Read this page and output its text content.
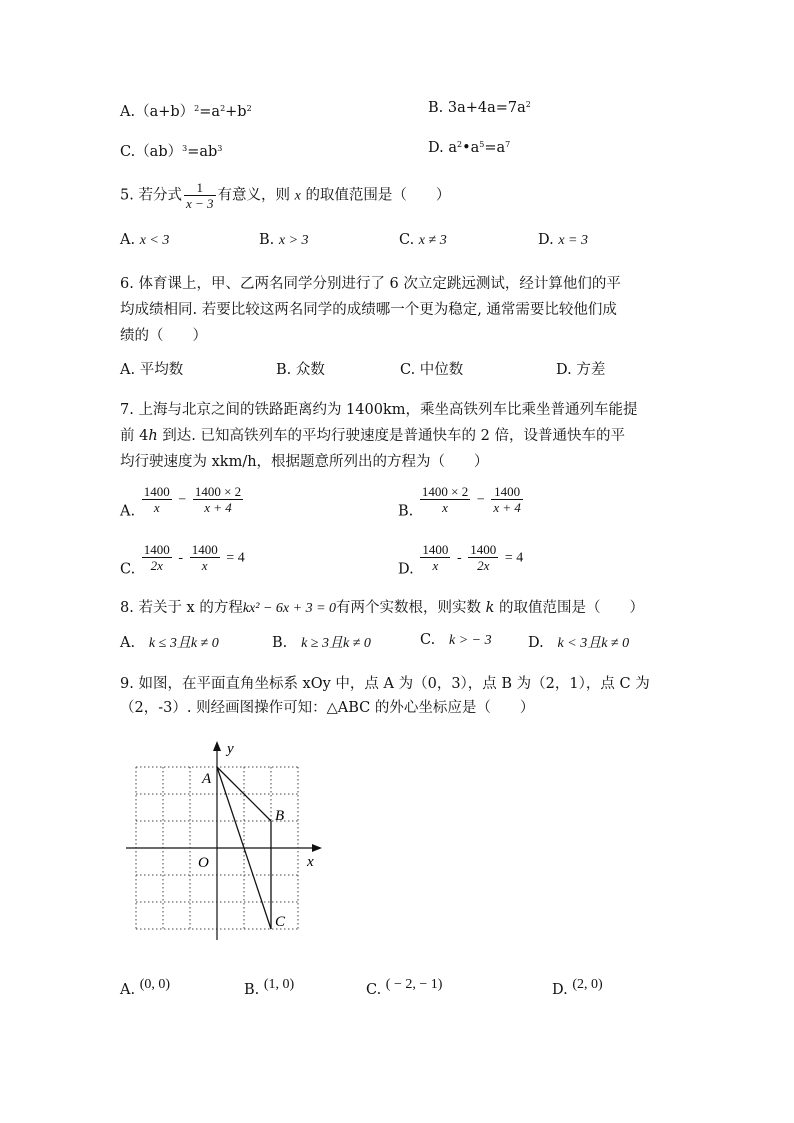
$A.(a+b)^2=a^2+b^2$	B. $3a+4a=7a^2$
$C.(ab)^3=ab^3$	D. $a^2•a^5=a^7$
5. 若分式 $\frac{1}{x - 3}$ 有意义，则 x 的取值范围是（　　）
A. x < 3	B. x > 3	C. x ≠ 3	D. x = 3
6. 体育课上，甲、乙两名同学分别进行了 6 次立定跳远测试，经计算他们的平
均成绩相同. 若要比较这两名同学的成绩哪一个更为稳定, 通常需要比较他们成
绩的（　　）
A. 平均数	B. 众数	C. 中位数	D. 方差
7. 上海与北京之间的铁路距离约为 1400km，乘坐高铁列车比乘坐普通列车能提
前 4h 到达. 已知高铁列车的平均行驶速度是普通快车的 2 倍，设普通快车的平
均行驶速度为 xkm/h，根据题意所列出的方程为（　　）
A. $\frac{1400}{x} - \frac{1400 \times 2}{x + 4}$	B. $\frac{1400 \times 2}{x} - \frac{1400}{x + 4}$
C. $\frac{1400}{2x} - \frac{1400}{x} = 4$
D. $\frac{1400}{x} - \frac{1400}{2x} = 4$
8. 若关于 x 的方程kx² − 6x + 3 = 0有两个实数根，则实数 k 的取值范围是（　　）
A. k ≤ 3且k ≠ 0	B. k ≥ 3且k ≠ 0	C. k > − 3	D. k < 3且k ≠ 0
9. 如图，在平面直角坐标系 xOy 中，点 A 为（0，3），点 B 为（2，1），点 C 为
（2，-3）. 则经画图操作可知：△ABC 的外心坐标应是（　　）
y
x
O
A
B
C
A. (0, 0)	B. (1, 0)	C. ( − 2, − 1)	D. (2, 0)
